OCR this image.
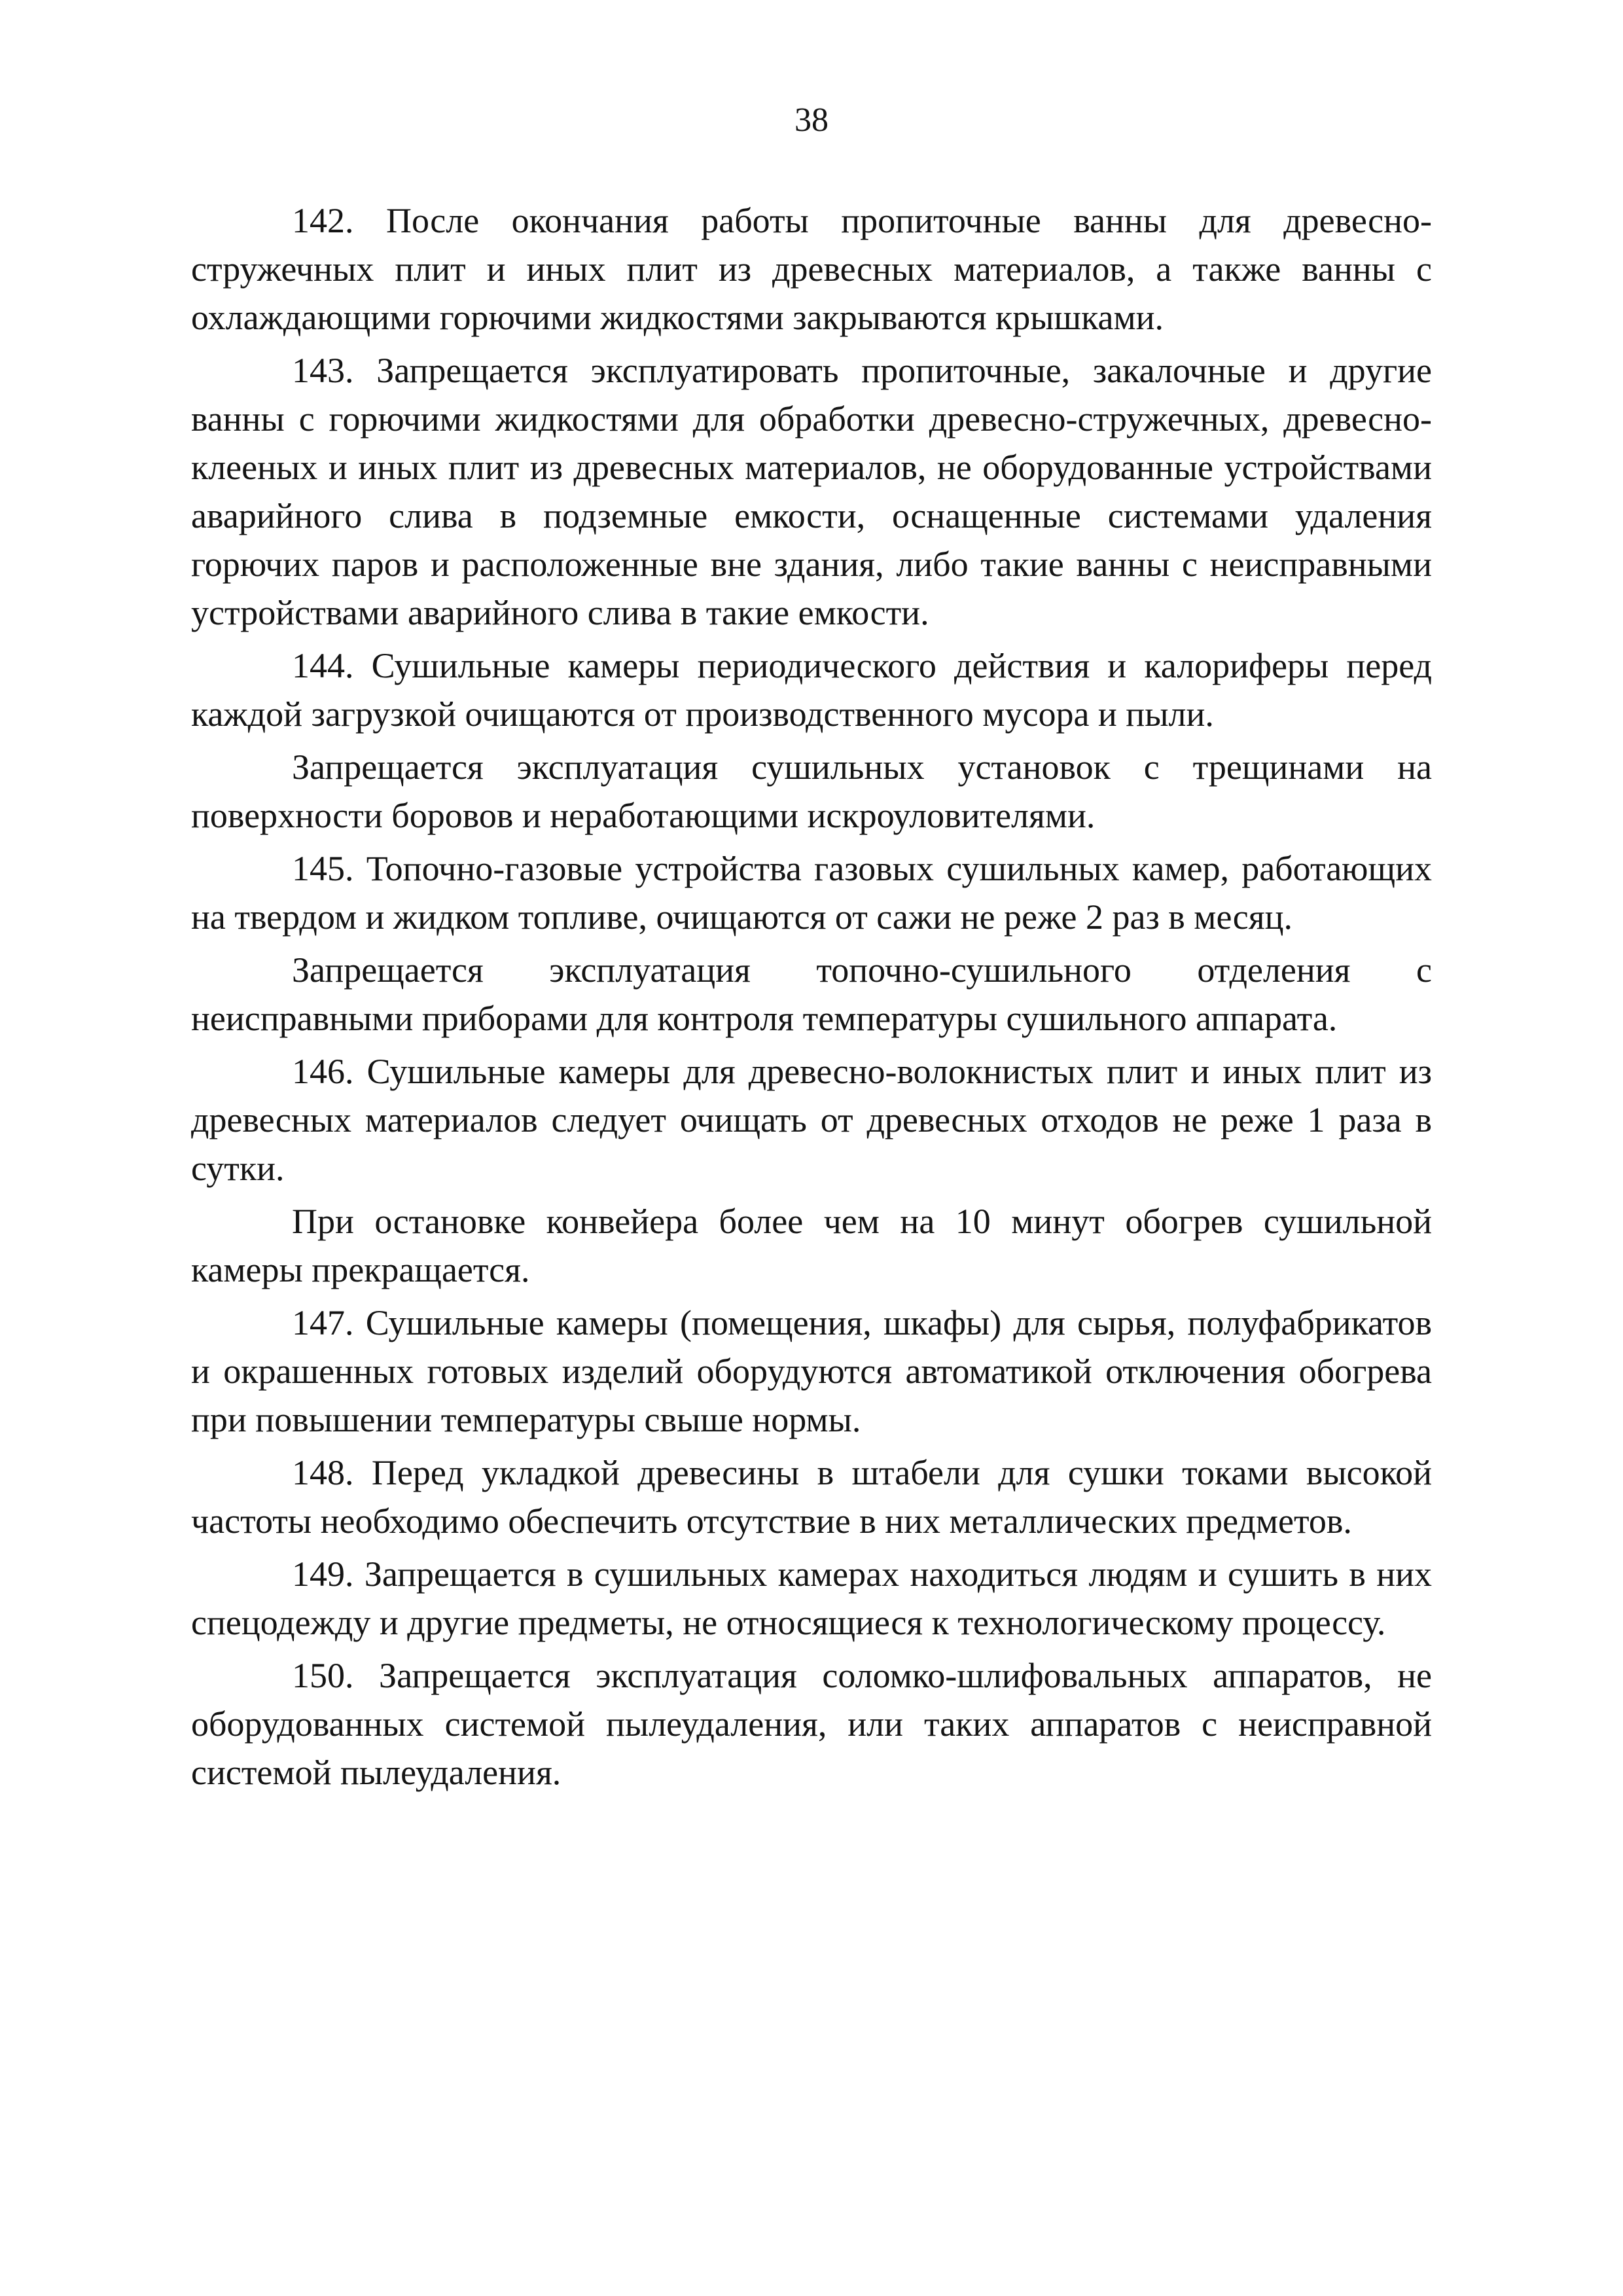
38

142. После окончания работы пропиточные ванны для древесно-стружечных плит и иных плит из древесных материалов, а также ванны с охлаждающими горючими жидкостями закрываются крышками.

143. Запрещается эксплуатировать пропиточные, закалочные и другие ванны с горючими жидкостями для обработки древесно-стружечных, древесно-клееных и иных плит из древесных материалов, не оборудованные устройствами аварийного слива в подземные емкости, оснащенные системами удаления горючих паров и расположенные вне здания, либо такие ванны с неисправными устройствами аварийного слива в такие емкости.

144. Сушильные камеры периодического действия и калориферы перед каждой загрузкой очищаются от производственного мусора и пыли.

Запрещается эксплуатация сушильных установок с трещинами на поверхности боровов и неработающими искроуловителями.

145. Топочно-газовые устройства газовых сушильных камер, работающих на твердом и жидком топливе, очищаются от сажи не реже 2 раз в месяц.

Запрещается эксплуатация топочно-сушильного отделения с неисправными приборами для контроля температуры сушильного аппарата.

146. Сушильные камеры для древесно-волокнистых плит и иных плит из древесных материалов следует очищать от древесных отходов не реже 1 раза в сутки.

При остановке конвейера более чем на 10 минут обогрев сушильной камеры прекращается.

147. Сушильные камеры (помещения, шкафы) для сырья, полуфабрикатов и окрашенных готовых изделий оборудуются автоматикой отключения обогрева при повышении температуры свыше нормы.

148. Перед укладкой древесины в штабели для сушки токами высокой частоты необходимо обеспечить отсутствие в них металлических предметов.

149. Запрещается в сушильных камерах находиться людям и сушить в них спецодежду и другие предметы, не относящиеся к технологическому процессу.

150. Запрещается эксплуатация соломко-шлифовальных аппаратов, не оборудованных системой пылеудаления, или таких аппаратов с неисправной системой пылеудаления.
